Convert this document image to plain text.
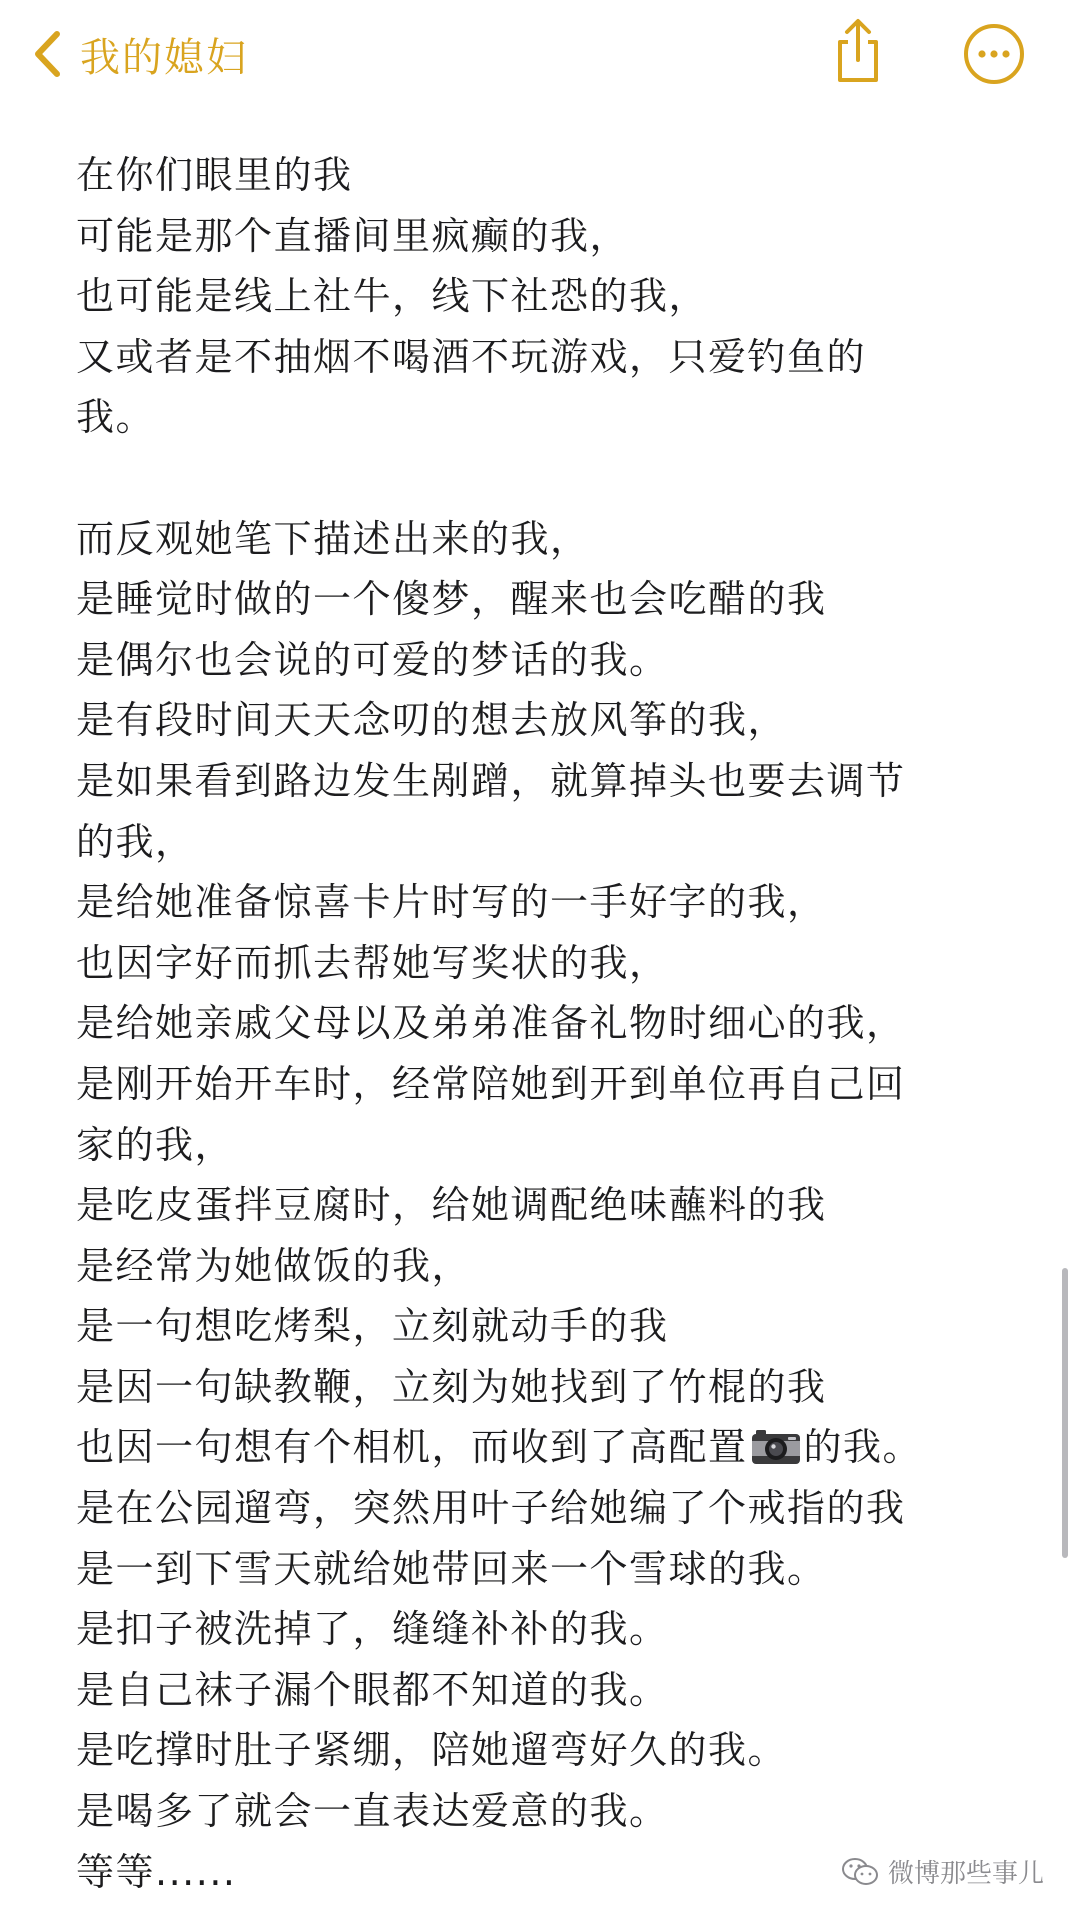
我的媳妇
在你们眼里的我
可能是那个直播间里疯癫的我，
也可能是线上社牛，线下社恐的我，
又或者是不抽烟不喝酒不玩游戏，只爱钓鱼的
我。
而反观她笔下描述出来的我，
是睡觉时做的一个傻梦，醒来也会吃醋的我
是偶尔也会说的可爱的梦话的我。
是有段时间天天念叨的想去放风筝的我，
是如果看到路边发生剐蹭，就算掉头也要去调节
的我，
是给她准备惊喜卡片时写的一手好字的我，
也因字好而抓去帮她写奖状的我，
是给她亲戚父母以及弟弟准备礼物时细心的我，
是刚开始开车时，经常陪她到开到单位再自己回
家的我，
是吃皮蛋拌豆腐时，给她调配绝味蘸料的我
是经常为她做饭的我，
是一句想吃烤梨，立刻就动手的我
是因一句缺教鞭，立刻为她找到了竹棍的我
也因一句想有个相机，而收到了高配置 的我。
是在公园遛弯，突然用叶子给她编了个戒指的我
是一到下雪天就给她带回来一个雪球的我。
是扣子被洗掉了，缝缝补补的我。
是自己袜子漏个眼都不知道的我。
是吃撑时肚子紧绷，陪她遛弯好久的我。
是喝多了就会一直表达爱意的我。
等等......	微博那些事儿
